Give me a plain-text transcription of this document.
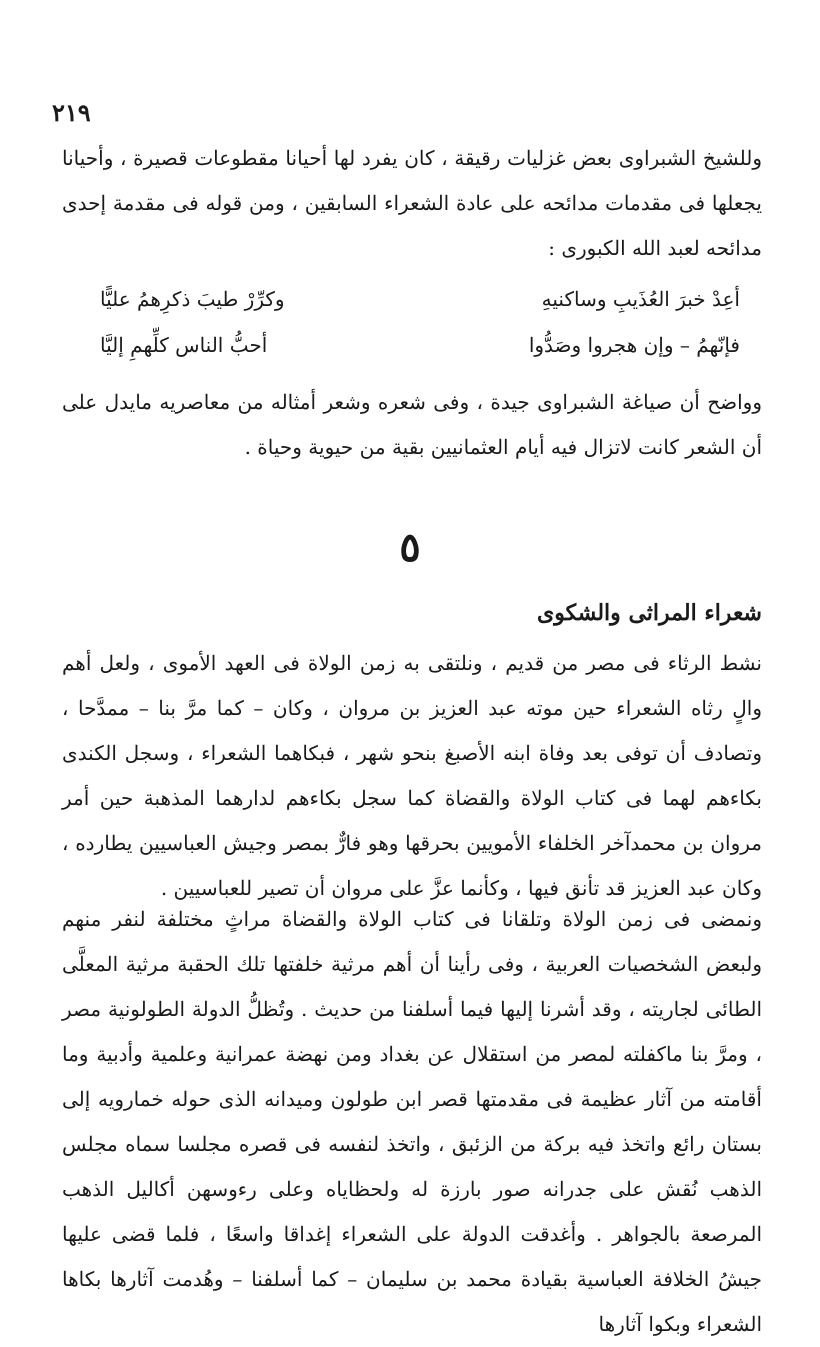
٢١٩

وللشيخ الشبراوى بعض غزليات رقيقة ، كان يفرد لها أحيانا مقطوعات قصيرة ، وأحيانا يجعلها فى مقدمات مدائحه على عادة الشعراء السابقين ، ومن قوله فى مقدمة إحدى مدائحه لعبد الله الكبورى :

أعِدْ خبرَ العُذَيبِ وساكنيهِ
وكرِّرْ طيبَ ذكرِهمُ عليًّا
فإنّهمُ – وإن هجروا وصَدُّوا
أحبُّ الناس كلِّهمِ إليَّا

وواضح أن صياغة الشبراوى جيدة ، وفى شعره وشعر أمثاله من معاصريه مايدل على أن الشعر كانت لاتزال فيه أيام العثمانيين بقية من حيوية وحياة .

٥
شعراء المراثى والشكوى

نشط الرثاء فى مصر من قديم ، ونلتقى به زمن الولاة فى العهد الأموى ، ولعل أهم والٍ رثاه الشعراء حين موته عبد العزيز بن مروان ، وكان – كما مرَّ بنا – ممدَّحا ، وتصادف أن توفى بعد وفاة ابنه الأصبغ بنحو شهر ، فبكاهما الشعراء ، وسجل الكندى بكاءهم لهما فى كتاب الولاة والقضاة كما سجل بكاءهم لدارهما المذهبة حين أمر مروان بن محمدآخر الخلفاء الأمويين بحرقها وهو فارٌّ بمصر وجيش العباسيين يطارده ، وكان عبد العزيز قد تأنق فيها ، وكأنما عزَّ على مروان أن تصير للعباسيين .

ونمضى فى زمن الولاة وتلقانا فى كتاب الولاة والقضاة مراثٍ مختلفة لنفر منهم ولبعض الشخصيات العربية ، وفى رأينا أن أهم مرثية خلفتها تلك الحقبة مرثية المعلَّى الطائى لجاريته ، وقد أشرنا إليها فيما أسلفنا من حديث . وتُظلُّ الدولة الطولونية مصر ، ومرَّ بنا ماكفلته لمصر من استقلال عن بغداد ومن نهضة عمرانية وعلمية وأدبية وما أقامته من آثار عظيمة فى مقدمتها قصر ابن طولون وميدانه الذى حوله خمارويه إلى بستان رائع واتخذ فيه بركة من الزئبق ، واتخذ لنفسه فى قصره مجلسا سماه مجلس الذهب نُقش على جدرانه صور بارزة له ولحظاياه وعلى رءوسهن أكاليل الذهب المرصعة بالجواهر . وأغدقت الدولة على الشعراء إغداقا واسعًا ، فلما قضى عليها جيشُ الخلافة العباسية بقيادة محمد بن سليمان – كما أسلفنا – وهُدمت آثارها بكاها الشعراء وبكوا آثارها
